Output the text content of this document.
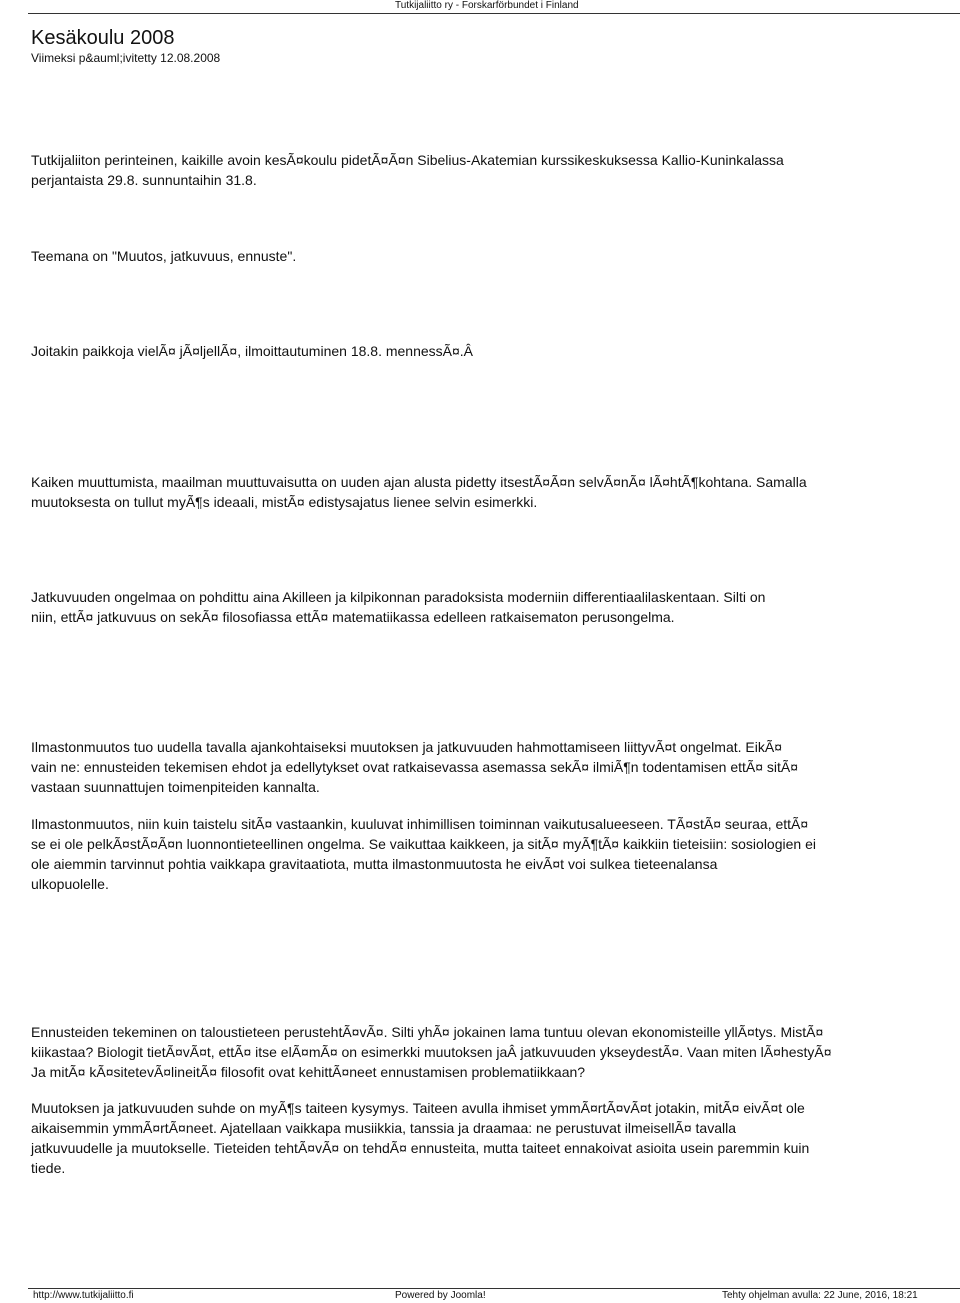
Tutkijaliitto ry - Forskarförbundet i Finland
Kesäkoulu 2008

Viimeksi p&auml;ivitetty 12.08.2008

Tutkijaliiton perinteinen, kaikille avoin kesÃ¤koulu pidetÃ¤Ã¤n Sibelius-Akatemian kurssikeskuksessa Kallio-Kuninkalassa
perjantaista 29.8. sunnuntaihin 31.8.

Teemana on "Muutos, jatkuvuus, ennuste".

Joitakin paikkoja vielÃ¤ jÃ¤ljellÃ¤, ilmoittautuminen 18.8. mennessÃ¤.Â

Kaiken muuttumista, maailman muuttuvaisutta on uuden ajan alusta pidetty itsestÃ¤Ã¤n selvÃ¤nÃ¤ lÃ¤htÃ¶kohtana. Samalla
muutoksesta on tullut myÃ¶s ideaali, mistÃ¤ edistysajatus lienee selvin esimerkki.

Jatkuvuuden ongelmaa on pohdittu aina Akilleen ja kilpikonnan paradoksista moderniin differentiaalilaskentaan. Silti on
niin, ettÃ¤ jatkuvuus on sekÃ¤ filosofiassa ettÃ¤ matematiikassa edelleen ratkaisematon perusongelma.

Ilmastonmuutos tuo uudella tavalla ajankohtaiseksi muutoksen ja jatkuvuuden hahmottamiseen liittyvÃ¤t ongelmat. EikÃ¤
vain ne: ennusteiden tekemisen ehdot ja edellytykset ovat ratkaisevassa asemassa sekÃ¤ ilmiÃ¶n todentamisen ettÃ¤ sitÃ¤
vastaan suunnattujen toimenpiteiden kannalta.

Ilmastonmuutos, niin kuin taistelu sitÃ¤ vastaankin, kuuluvat inhimillisen toiminnan vaikutusalueeseen. TÃ¤stÃ¤ seuraa, ettÃ¤
se ei ole pelkÃ¤stÃ¤Ã¤n luonnontieteellinen ongelma. Se vaikuttaa kaikkeen, ja sitÃ¤ myÃ¶tÃ¤ kaikkiin tieteisiin: sosiologien ei
ole aiemmin tarvinnut pohtia vaikkapa gravitaatiota, mutta ilmastonmuutosta he eivÃ¤t voi sulkea tieteenalansa
ulkopuolelle.

Ennusteiden tekeminen on taloustieteen perustehtÃ¤vÃ¤. Silti yhÃ¤ jokainen lama tuntuu olevan ekonomisteille yllÃ¤tys. MistÃ¤
kiikastaa? Biologit tietÃ¤vÃ¤t, ettÃ¤ itse elÃ¤mÃ¤ on esimerkki muutoksen jaÂ jatkuvuuden ykseydestÃ¤. Vaan miten lÃ¤hestyÃ¤
Ja mitÃ¤ kÃ¤sitetevÃ¤lineitÃ¤ filosofit ovat kehittÃ¤neet ennustamisen problematiikkaan?

Muutoksen ja jatkuvuuden suhde on myÃ¶s taiteen kysymys. Taiteen avulla ihmiset ymmÃ¤rtÃ¤vÃ¤t jotakin, mitÃ¤ eivÃ¤t ole
aikaisemmin ymmÃ¤rtÃ¤neet. Ajatellaan vaikkapa musiikkia, tanssia ja draamaa: ne perustuvat ilmeisellÃ¤ tavalla
jatkuvuudelle ja muutokselle. Tieteiden tehtÃ¤vÃ¤ on tehdÃ¤ ennusteita, mutta taiteet ennakoivat asioita usein paremmin kuin
tiede.

http://www.tutkijaliitto.fi	Powered by Joomla!	Tehty ohjelman avulla: 22 June, 2016, 18:21
